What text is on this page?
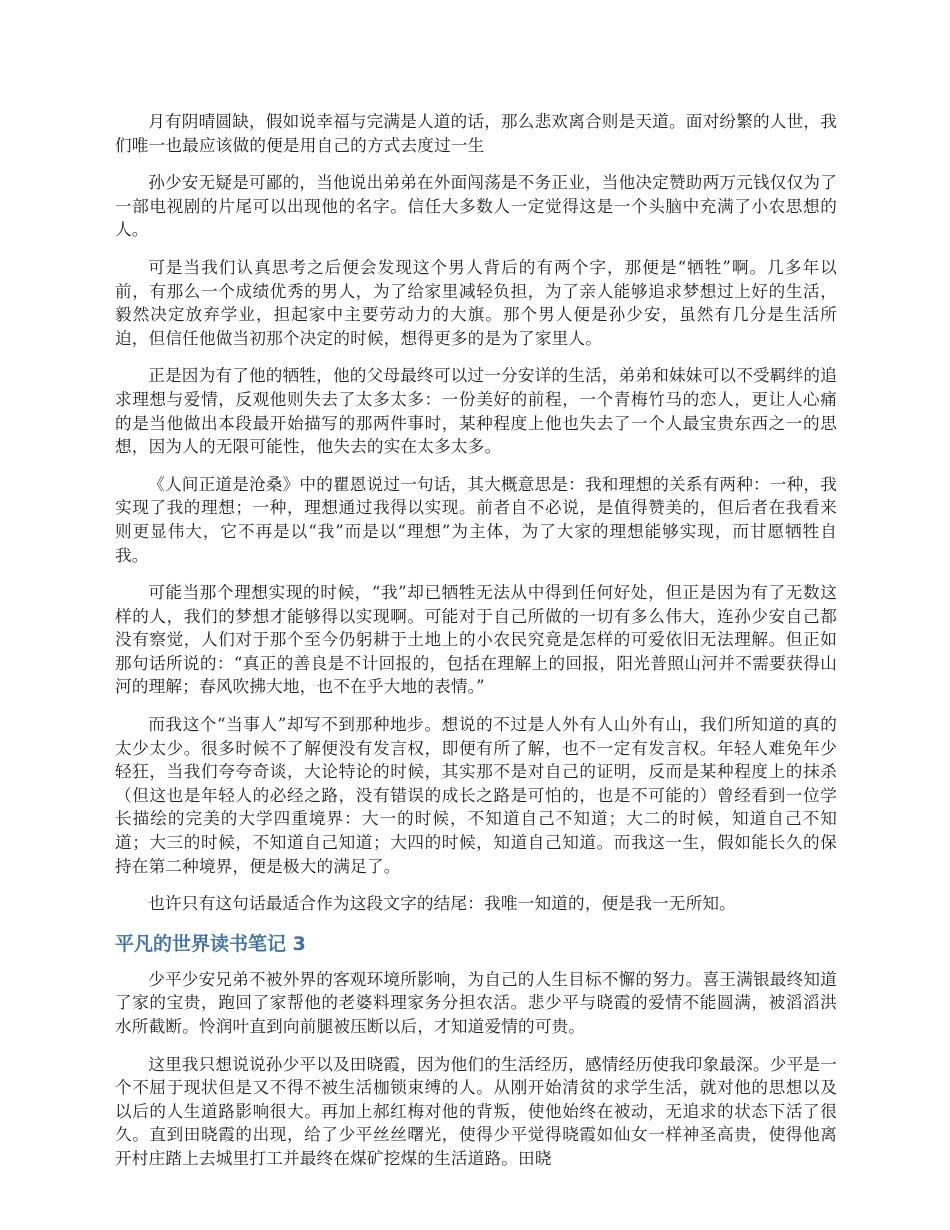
月有阴晴圆缺，假如说幸福与完满是人道的话，那么悲欢离合则是天道。面对纷繁的人世，我们唯一也最应该做的便是用自己的方式去度过一生

孙少安无疑是可鄙的，当他说出弟弟在外面闯荡是不务正业，当他决定赞助两万元钱仅仅为了一部电视剧的片尾可以出现他的名字。信任大多数人一定觉得这是一个头脑中充满了小农思想的人。

可是当我们认真思考之后便会发现这个男人背后的有两个字，那便是“牺牲”啊。几多年以前，有那么一个成绩优秀的男人，为了给家里减轻负担，为了亲人能够追求梦想过上好的生活，毅然决定放弃学业，担起家中主要劳动力的大旗。那个男人便是孙少安，虽然有几分是生活所迫，但信任他做当初那个决定的时候，想得更多的是为了家里人。

正是因为有了他的牺牲，他的父母最终可以过一分安详的生活，弟弟和妹妹可以不受羁绊的追求理想与爱情，反观他则失去了太多太多：一份美好的前程，一个青梅竹马的恋人，更让人心痛的是当他做出本段最开始描写的那两件事时，某种程度上他也失去了一个人最宝贵东西之一的思想，因为人的无限可能性，他失去的实在太多太多。

《人间正道是沧桑》中的瞿恩说过一句话，其大概意思是：我和理想的关系有两种：一种，我实现了我的理想；一种，理想通过我得以实现。前者自不必说，是值得赞美的，但后者在我看来则更显伟大，它不再是以“我”而是以“理想”为主体，为了大家的理想能够实现，而甘愿牺牲自我。

可能当那个理想实现的时候，“我”却已牺牲无法从中得到任何好处，但正是因为有了无数这样的人，我们的梦想才能够得以实现啊。可能对于自己所做的一切有多么伟大，连孙少安自己都没有察觉，人们对于那个至今仍躬耕于土地上的小农民究竟是怎样的可爱依旧无法理解。但正如那句话所说的：“真正的善良是不计回报的，包括在理解上的回报，阳光普照山河并不需要获得山河的理解；春风吹拂大地，也不在乎大地的表情。”

而我这个“当事人”却写不到那种地步。想说的不过是人外有人山外有山，我们所知道的真的太少太少。很多时候不了解便没有发言权，即便有所了解，也不一定有发言权。年轻人难免年少轻狂，当我们夸夸奇谈，大论特论的时候，其实那不是对自己的证明，反而是某种程度上的抹杀（但这也是年轻人的必经之路，没有错误的成长之路是可怕的，也是不可能的）曾经看到一位学长描绘的完美的大学四重境界：大一的时候，不知道自己不知道；大二的时候，知道自己不知道；大三的时候，不知道自己知道；大四的时候，知道自己知道。而我这一生，假如能长久的保持在第二种境界，便是极大的满足了。

也许只有这句话最适合作为这段文字的结尾：我唯一知道的，便是我一无所知。

平凡的世界读书笔记 3

少平少安兄弟不被外界的客观环境所影响，为自己的人生目标不懈的努力。喜王满银最终知道了家的宝贵，跑回了家帮他的老婆料理家务分担农活。悲少平与晓霞的爱情不能圆满，被滔滔洪水所截断。怜润叶直到向前腿被压断以后，才知道爱情的可贵。

这里我只想说说孙少平以及田晓霞，因为他们的生活经历，感情经历使我印象最深。少平是一个不屈于现状但是又不得不被生活枷锁束缚的人。从刚开始清贫的求学生活，就对他的思想以及以后的人生道路影响很大。再加上郝红梅对他的背叛，使他始终在被动，无追求的状态下活了很久。直到田晓霞的出现，给了少平丝丝曙光，使得少平觉得晓霞如仙女一样神圣高贵，使得他离开村庄踏上去城里打工并最终在煤矿挖煤的生活道路。田晓
